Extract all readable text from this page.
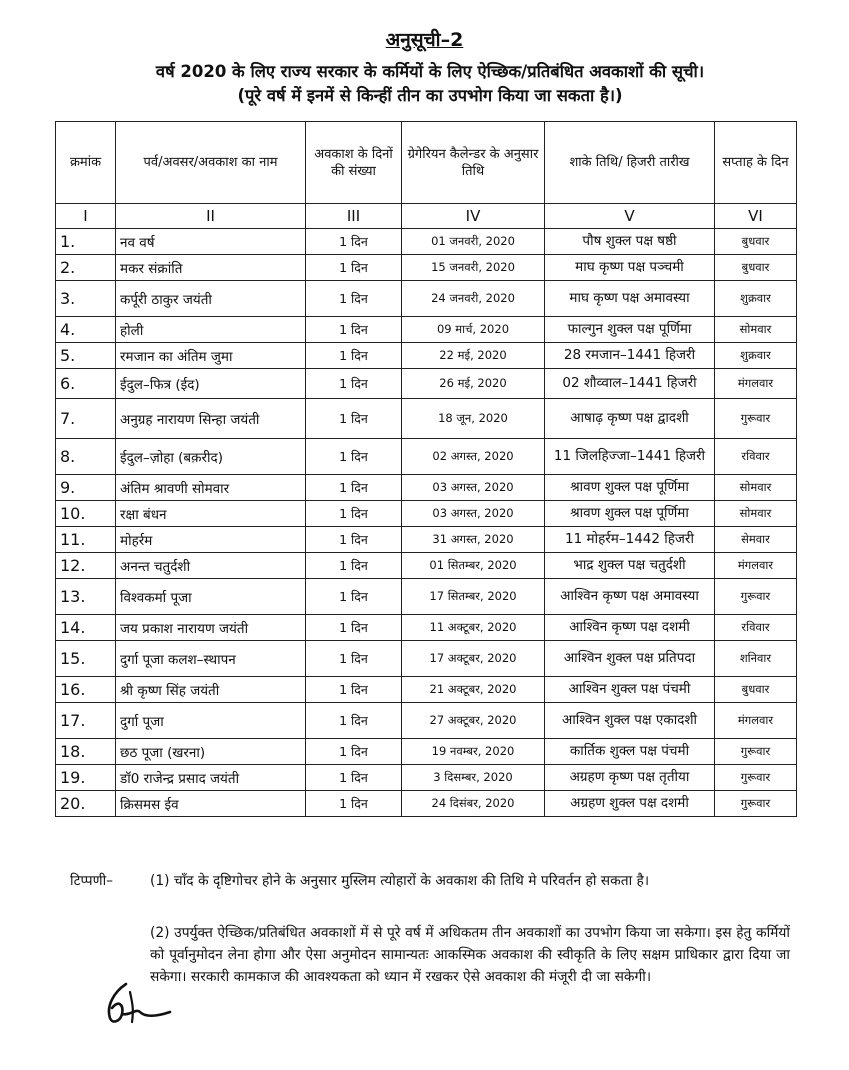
अनुसूची–2
वर्ष 2020 के लिए राज्य सरकार के कर्मियों के लिए ऐच्छिक/प्रतिबंधित अवकाशों की सूची।
(पूरे वर्ष में इनमें से किन्हीं तीन का उपभोग किया जा सकता है।)
क्रमांक	पर्व/अवसर/अवकाश का नाम	अवकाश के दिनों की संख्या	ग्रेगेरियन कैलेन्डर के अनुसार तिथि	शाके तिथि/ हिजरी तारीख	सप्ताह के दिन
I	II	III	IV	V	VI
1.	नव वर्ष	1 दिन	01 जनवरी, 2020	पौष शुक्ल पक्ष षष्ठी	बुधवार
2.	मकर संक्रांति	1 दिन	15 जनवरी, 2020	माघ कृष्ण पक्ष पञ्चमी	बुधवार
3.	कर्पूरी ठाकुर जयंती	1 दिन	24 जनवरी, 2020	माघ कृष्ण पक्ष अमावस्या	शुक्रवार
4.	होली	1 दिन	09 मार्च, 2020	फाल्गुन शुक्ल पक्ष पूर्णिमा	सोमवार
5.	रमजान का अंतिम जुमा	1 दिन	22 मई, 2020	28 रमजान–1441 हिजरी	शुक्रवार
6.	ईदुल–फित्र (ईद)	1 दिन	26 मई, 2020	02 शौव्वाल–1441 हिजरी	मंगलवार
7.	अनुग्रह नारायण सिन्हा जयंती	1 दिन	18 जून, 2020	आषाढ़ कृष्ण पक्ष द्वादशी	गुरूवार
8.	ईदुल–ज़ोहा (बक़रीद)	1 दिन	02 अगस्त, 2020	11 जिलहिज्जा–1441 हिजरी	रविवार
9.	अंतिम श्रावणी सोमवार	1 दिन	03 अगस्त, 2020	श्रावण शुक्ल पक्ष पूर्णिमा	सोमवार
10.	रक्षा बंधन	1 दिन	03 अगस्त, 2020	श्रावण शुक्ल पक्ष पूर्णिमा	सोमवार
11.	मोहर्रम	1 दिन	31 अगस्त, 2020	11 मोहर्रम–1442 हिजरी	सेमवार
12.	अनन्त चतुर्दशी	1 दिन	01 सितम्बर, 2020	भाद्र शुक्ल पक्ष चतुर्दशी	मंगलवार
13.	विश्वकर्मा पूजा	1 दिन	17 सितम्बर, 2020	आश्विन कृष्ण पक्ष अमावस्या	गुरूवार
14.	जय प्रकाश नारायण जयंती	1 दिन	11 अक्टूबर, 2020	आश्विन कृष्ण पक्ष दशमी	रविवार
15.	दुर्गा पूजा कलश–स्थापन	1 दिन	17 अक्टूबर, 2020	आश्विन शुक्ल पक्ष प्रतिपदा	शनिवार
16.	श्री कृष्ण सिंह जयंती	1 दिन	21 अक्टूबर, 2020	आश्विन शुक्ल पक्ष पंचमी	बुधवार
17.	दुर्गा पूजा	1 दिन	27 अक्टूबर, 2020	आश्विन शुक्ल पक्ष एकादशी	मंगलवार
18.	छठ पूजा (खरना)	1 दिन	19 नवम्बर, 2020	कार्तिक शुक्ल पक्ष पंचमी	गुरूवार
19.	डॉ0 राजेन्द्र प्रसाद जयंती	1 दिन	3 दिसम्बर, 2020	अग्रहण कृष्ण पक्ष तृतीया	गुरूवार
20.	क्रिसमस ईव	1 दिन	24 दिसंबर, 2020	अग्रहण शुक्ल पक्ष दशमी	गुरूवार
टिप्पणी–	(1) चाँद के दृष्टिगोचर होने के अनुसार मुस्लिम त्योहारों के अवकाश की तिथि मे परिवर्तन हो सकता है।
(2) उपर्युक्त ऐच्छिक/प्रतिबंधित अवकाशों में से पूरे वर्ष में अधिकतम तीन अवकाशों का उपभोग किया जा सकेगा। इस हेतु कर्मियों को पूर्वानुमोदन लेना होगा और ऐसा अनुमोदन सामान्यतः आकस्मिक अवकाश की स्वीकृति के लिए सक्षम प्राधिकार द्वारा दिया जा सकेगा। सरकारी कामकाज की आवश्यकता को ध्यान में रखकर ऐसे अवकाश की मंजूरी दी जा सकेगी।
